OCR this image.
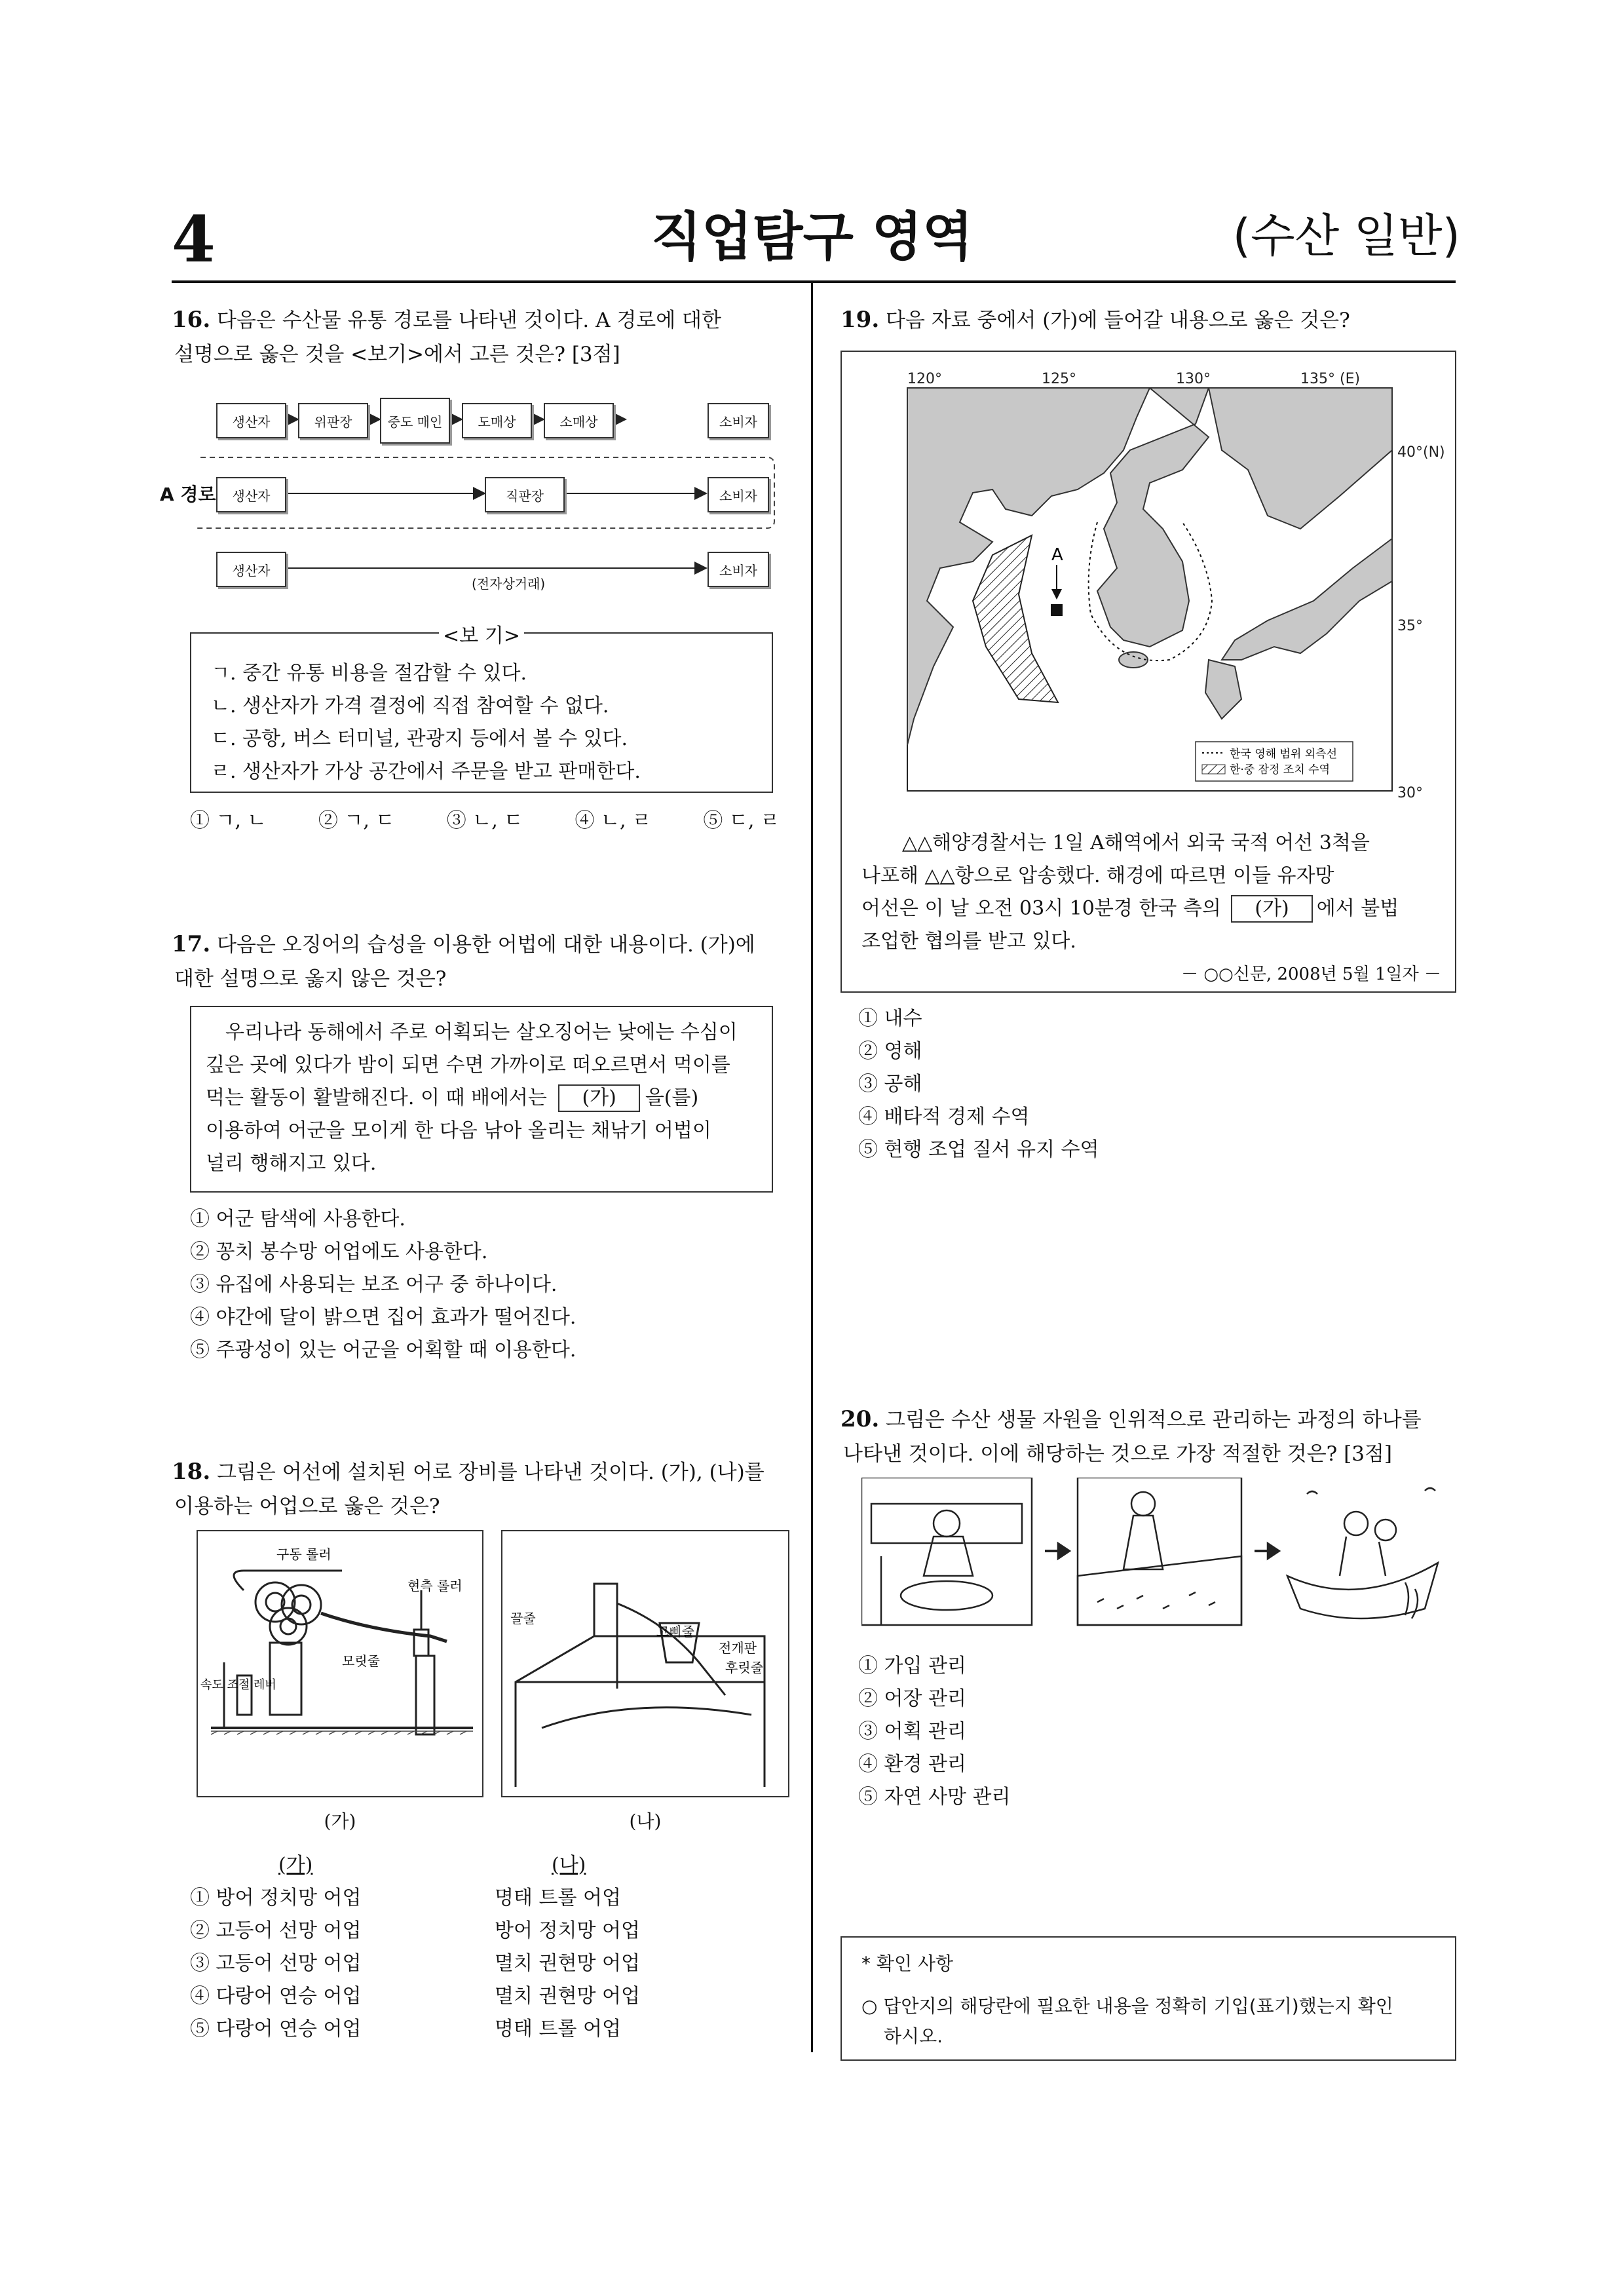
4	직업탐구 영역	(수산 일반)
16. 다음은 수산물 유통 경로를 나타낸 것이다. A 경로에 대한
설명으로 옳은 것을 <보기>에서 고른 것은? [3점]
생산자	위판장	중도 매인	도매상	소매상	소비자
A 경로	생산자	직판장	소비자
생산자
(전자상거래)
소비자
<보 기>
ㄱ. 중간 유통 비용을 절감할 수 있다.
ㄴ. 생산자가 가격 결정에 직접 참여할 수 없다.
ㄷ. 공항, 버스 터미널, 관광지 등에서 볼 수 있다.
ㄹ. 생산자가 가상 공간에서 주문을 받고 판매한다.
① ㄱ, ㄴ	② ㄱ, ㄷ	③ ㄴ, ㄷ	④ ㄴ, ㄹ	⑤ ㄷ, ㄹ
17. 다음은 오징어의 습성을 이용한 어법에 대한 내용이다. (가)에
대한 설명으로 옳지 않은 것은?
우리나라 동해에서 주로 어획되는 살오징어는 낮에는 수심이
깊은 곳에 있다가 밤이 되면 수면 가까이로 떠오르면서 먹이를
먹는 활동이 활발해진다. 이 때 배에서는 (가) 을(를)
이용하여 어군을 모이게 한 다음 낚아 올리는 채낚기 어법이
널리 행해지고 있다.
① 어군 탐색에 사용한다.
② 꽁치 봉수망 어업에도 사용한다.
③ 유집에 사용되는 보조 어구 중 하나이다.
④ 야간에 달이 밝으면 집어 효과가 떨어진다.
⑤ 주광성이 있는 어군을 어획할 때 이용한다.
18. 그림은 어선에 설치된 어로 장비를 나타낸 것이다. (가), (나)를
이용하는 어업으로 옳은 것은?
구동 롤러
현측 롤러
모릿줄
속도 조절 레버
(가)
끌줄
고삐줄
전개판
후릿줄
(나)
(가)	(나)
① 방어 정치망 어업	명태 트롤 어업
② 고등어 선망 어업	방어 정치망 어업
③ 고등어 선망 어업	멸치 권현망 어업
④ 다랑어 연승 어업	멸치 권현망 어업
⑤ 다랑어 연승 어업	명태 트롤 어업
19. 다음 자료 중에서 (가)에 들어갈 내용으로 옳은 것은?
120°	125°	130°	135° (E)
40°(N)
35°
30°
A
한국 영해 범위 외측선
한·중 잠정 조치 수역
△△해양경찰서는 1일 A해역에서 외국 국적 어선 3척을
나포해 △△항으로 압송했다. 해경에 따르면 이들 유자망
어선은 이 날 오전 03시 10분경 한국 측의 (가) 에서 불법
조업한 협의를 받고 있다.
－ ○○신문, 2008년 5월 1일자 －
① 내수
② 영해
③ 공해
④ 배타적 경제 수역
⑤ 현행 조업 질서 유지 수역
20. 그림은 수산 생물 자원을 인위적으로 관리하는 과정의 하나를
나타낸 것이다. 이에 해당하는 것으로 가장 적절한 것은? [3점]
① 가입 관리
② 어장 관리
③ 어획 관리
④ 환경 관리
⑤ 자연 사망 관리
* 확인 사항
○ 답안지의 해당란에 필요한 내용을 정확히 기입(표기)했는지 확인
하시오.
